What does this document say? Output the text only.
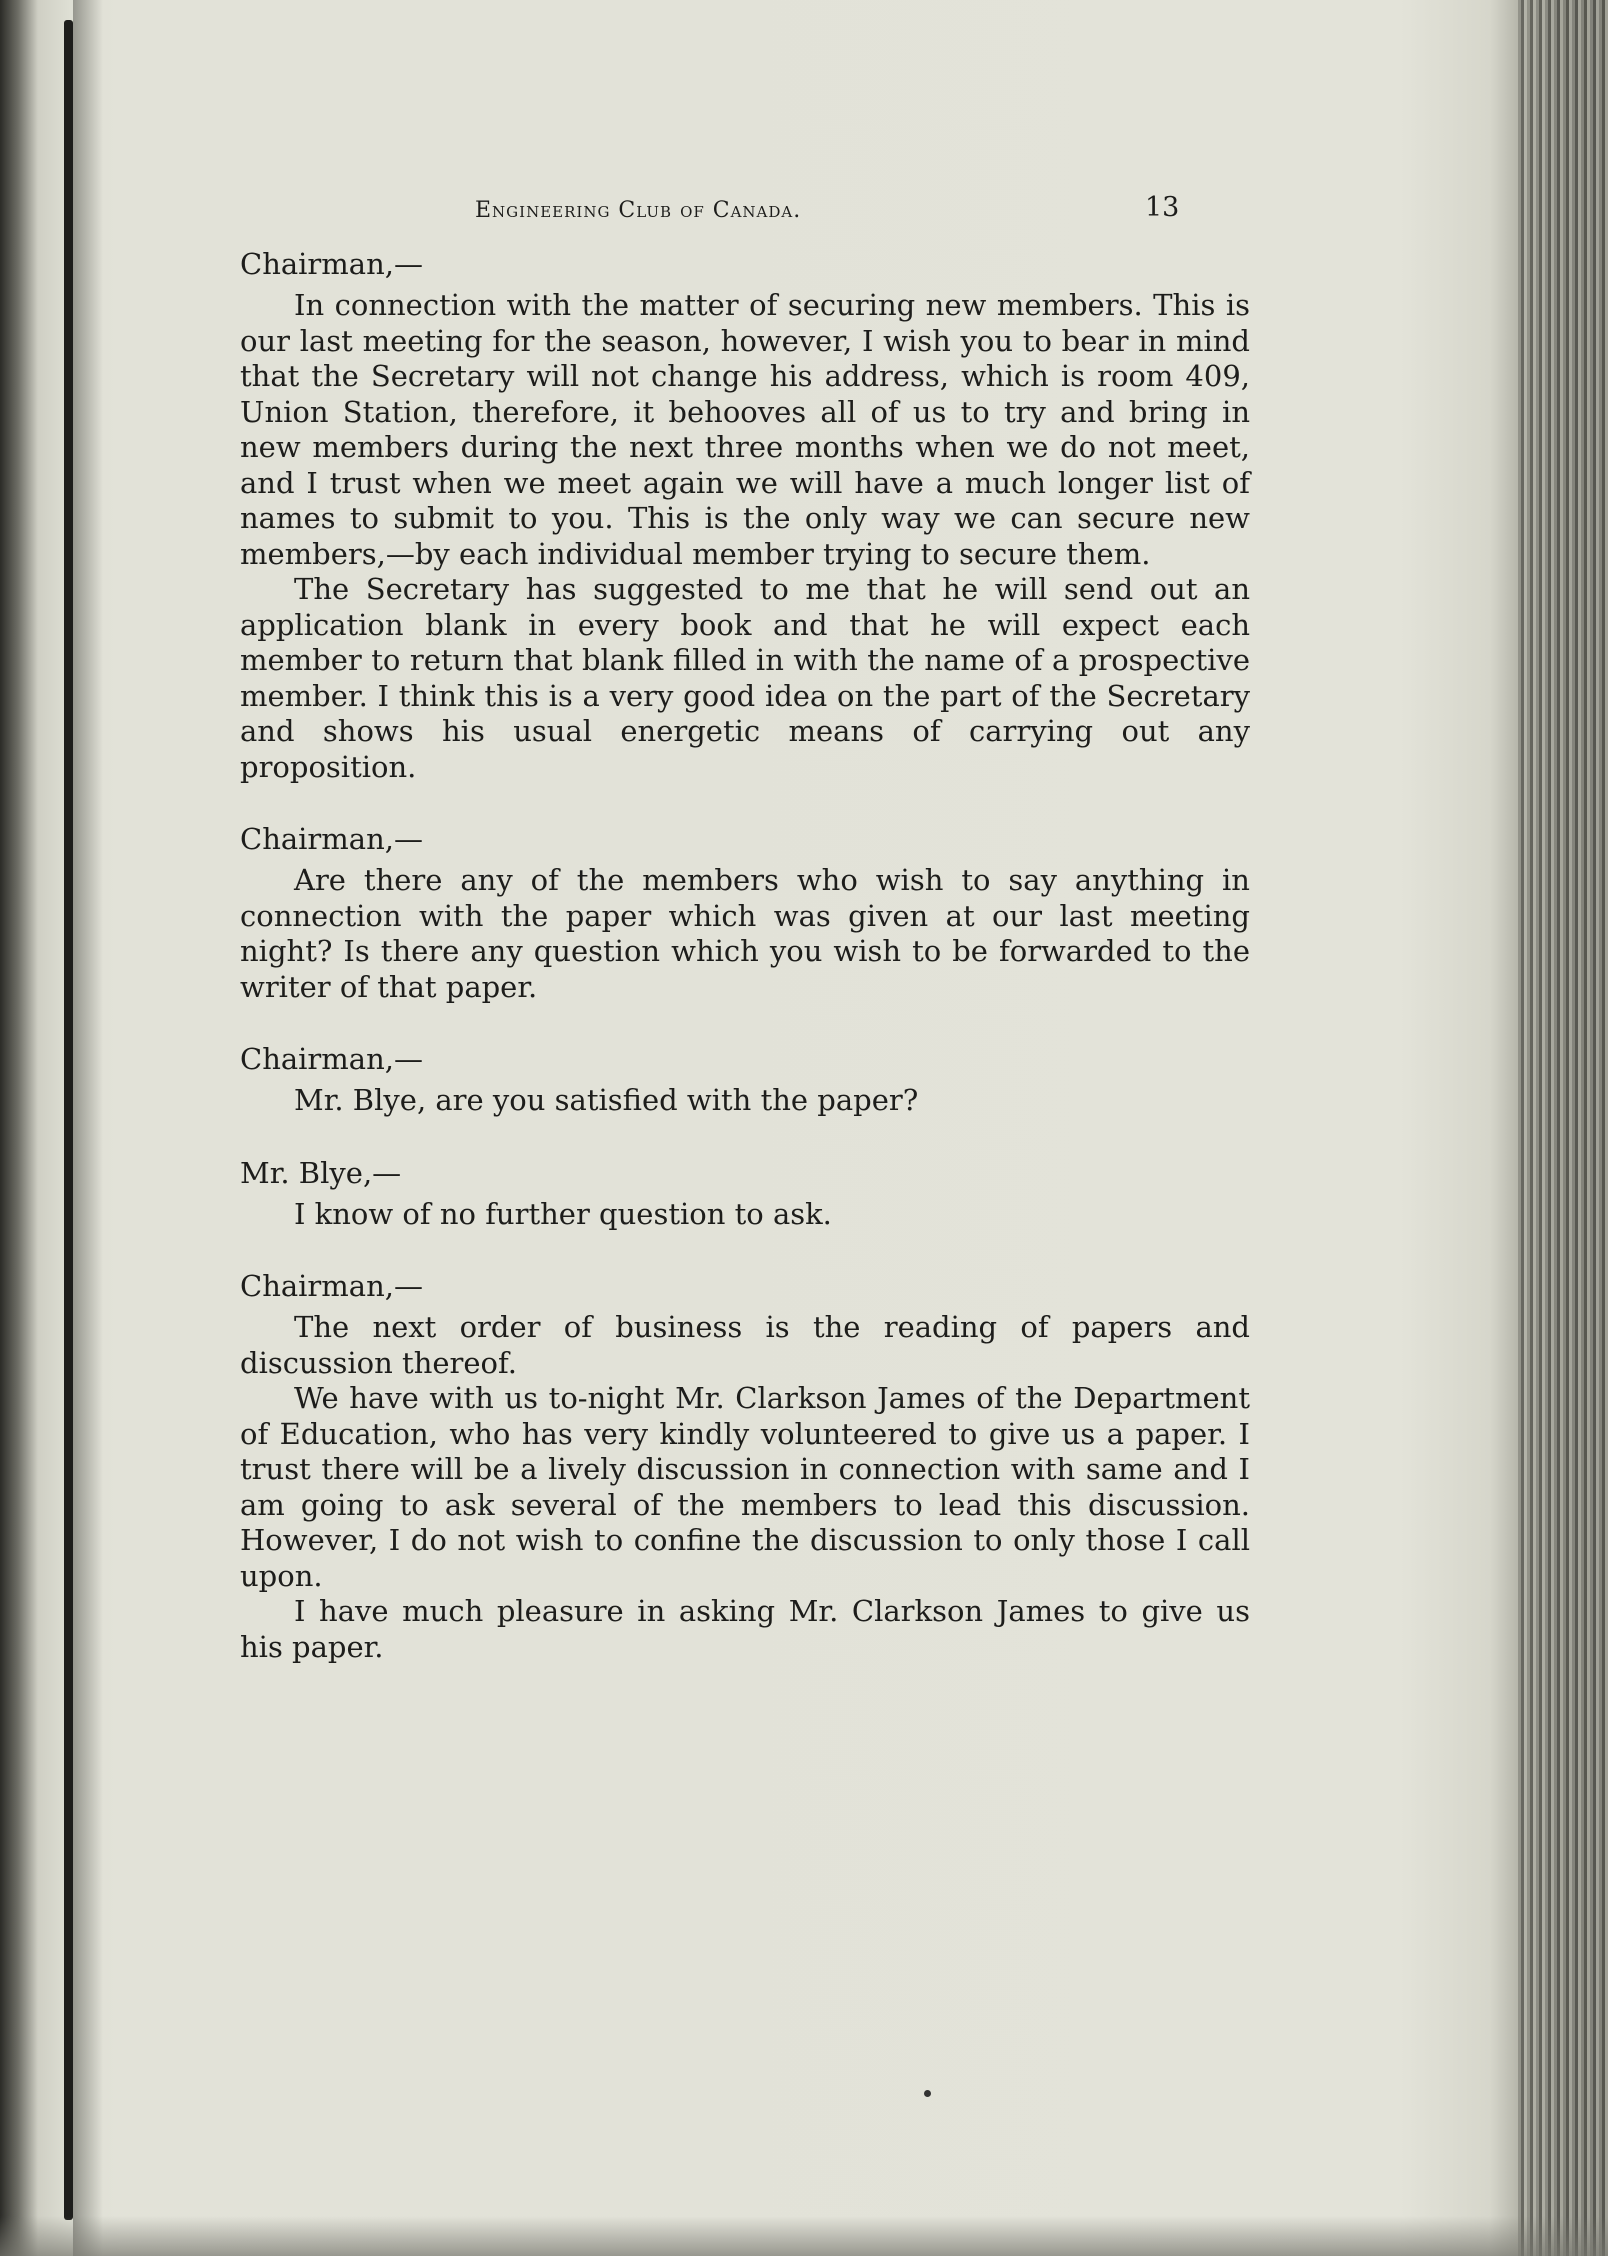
Engineering Club of Canada.	13

Chairman,—

In connection with the matter of securing new members. This is our last meeting for the season, however, I wish you to bear in mind that the Secretary will not change his address, which is room 409, Union Station, therefore, it behooves all of us to try and bring in new members during the next three months when we do not meet, and I trust when we meet again we will have a much longer list of names to submit to you. This is the only way we can secure new members,—by each individual member trying to secure them.

The Secretary has suggested to me that he will send out an application blank in every book and that he will expect each member to return that blank filled in with the name of a prospective member. I think this is a very good idea on the part of the Secretary and shows his usual energetic means of carrying out any proposition.

Chairman,—

Are there any of the members who wish to say anything in connection with the paper which was given at our last meeting night? Is there any question which you wish to be forwarded to the writer of that paper.

Chairman,—

Mr. Blye, are you satisfied with the paper?

Mr. Blye,—

I know of no further question to ask.

Chairman,—

The next order of business is the reading of papers and discussion thereof.

We have with us to-night Mr. Clarkson James of the Department of Education, who has very kindly volunteered to give us a paper. I trust there will be a lively discussion in connection with same and I am going to ask several of the members to lead this discussion. However, I do not wish to confine the discussion to only those I call upon.

I have much pleasure in asking Mr. Clarkson James to give us his paper.
